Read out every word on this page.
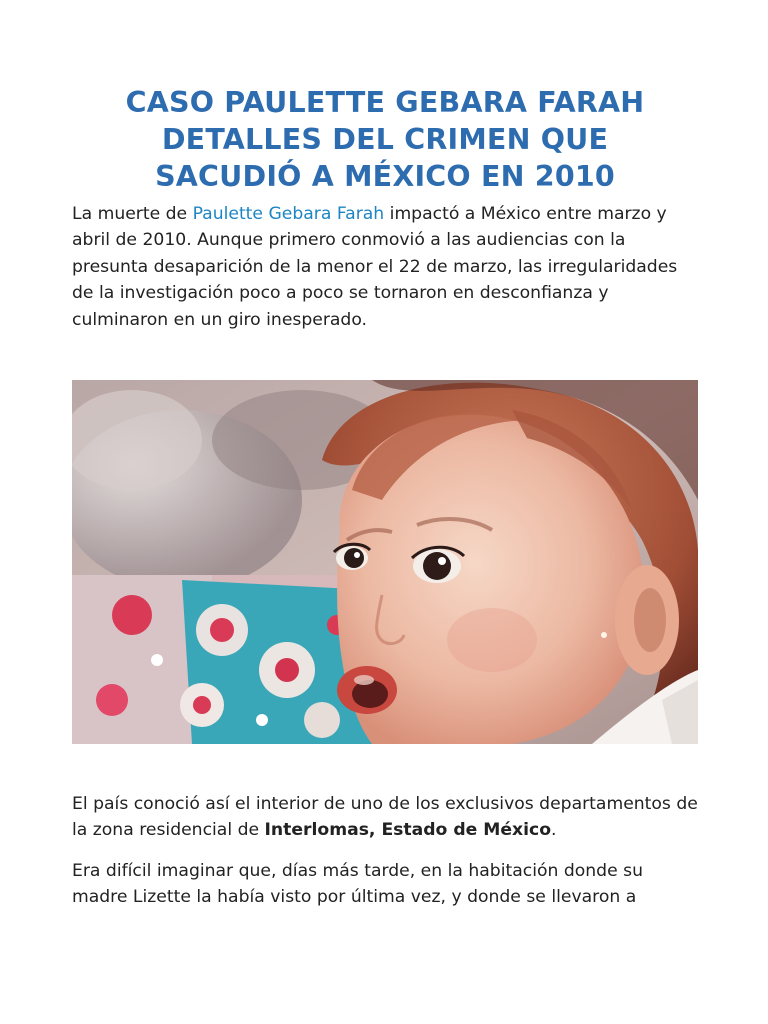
CASO PAULETTE GEBARA FARAH
DETALLES DEL CRIMEN QUE
SACUDIÓ A MÉXICO EN 2010

La muerte de Paulette Gebara Farah impactó a México entre marzo y abril de 2010. Aunque primero conmovió a las audiencias con la presunta desaparición de la menor el 22 de marzo, las irregularidades de la investigación poco a poco se tornaron en desconfianza y culminaron en un giro inesperado.

El país conoció así el interior de uno de los exclusivos departamentos de la zona residencial de Interlomas, Estado de México.

Era difícil imaginar que, días más tarde, en la habitación donde su madre Lizette la había visto por última vez, y donde se llevaron a
